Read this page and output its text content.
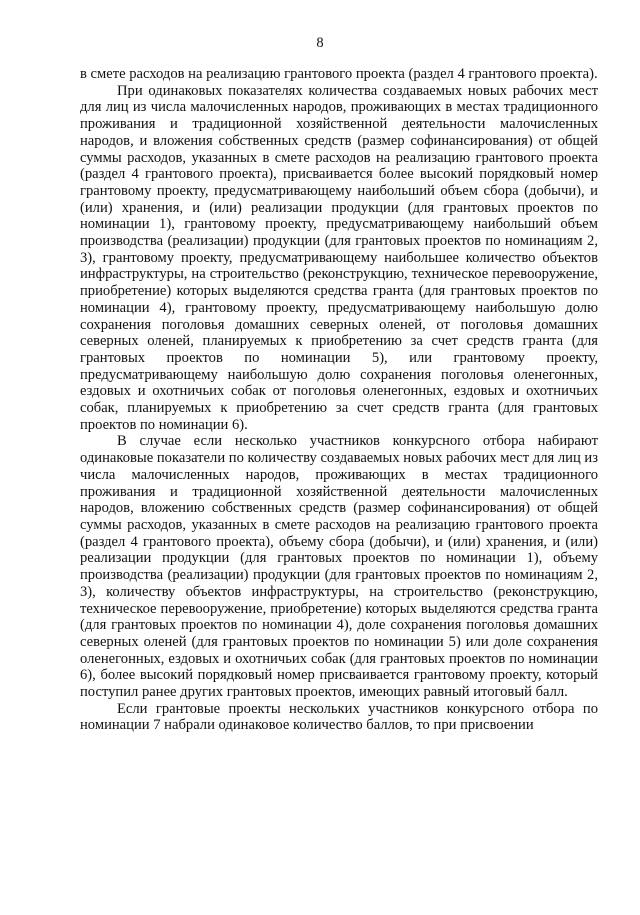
8

в смете расходов на реализацию грантового проекта (раздел 4 грантового проекта).

При одинаковых показателях количества создаваемых новых рабочих мест для лиц из числа малочисленных народов, проживающих в местах традиционного проживания и традиционной хозяйственной деятельности малочисленных народов, и вложения собственных средств (размер софинансирования) от общей суммы расходов, указанных в смете расходов на реализацию грантового проекта (раздел 4 грантового проекта), присваивается более высокий порядковый номер грантовому проекту, предусматривающему наибольший объем сбора (добычи), и (или) хранения, и (или) реализации продукции (для грантовых проектов по номинации 1), грантовому проекту, предусматривающему наибольший объем производства (реализации) продукции (для грантовых проектов по номинациям 2, 3), грантовому проекту, предусматривающему наибольшее количество объектов инфраструктуры, на строительство (реконструкцию, техническое перевооружение, приобретение) которых выделяются средства гранта (для грантовых проектов по номинации 4), грантовому проекту, предусматривающему наибольшую долю сохранения поголовья домашних северных оленей, от поголовья домашних северных оленей, планируемых к приобретению за счет средств гранта (для грантовых проектов по номинации 5), или грантовому проекту, предусматривающему наибольшую долю сохранения поголовья оленегонных, ездовых и охотничьих собак от поголовья оленегонных, ездовых и охотничьих собак, планируемых к приобретению за счет средств гранта (для грантовых проектов по номинации 6).

В случае если несколько участников конкурсного отбора набирают одинаковые показатели по количеству создаваемых новых рабочих мест для лиц из числа малочисленных народов, проживающих в местах традиционного проживания и традиционной хозяйственной деятельности малочисленных народов, вложению собственных средств (размер софинансирования) от общей суммы расходов, указанных в смете расходов на реализацию грантового проекта (раздел 4 грантового проекта), объему сбора (добычи), и (или) хранения, и (или) реализации продукции (для грантовых проектов по номинации 1), объему производства (реализации) продукции (для грантовых проектов по номинациям 2, 3), количеству объектов инфраструктуры, на строительство (реконструкцию, техническое перевооружение, приобретение) которых выделяются средства гранта (для грантовых проектов по номинации 4), доле сохранения поголовья домашних северных оленей (для грантовых проектов по номинации 5) или доле сохранения оленегонных, ездовых и охотничьих собак (для грантовых проектов по номинации 6), более высокий порядковый номер присваивается грантовому проекту, который поступил ранее других грантовых проектов, имеющих равный итоговый балл.

Если грантовые проекты нескольких участников конкурсного отбора по номинации 7 набрали одинаковое количество баллов, то при присвоении
